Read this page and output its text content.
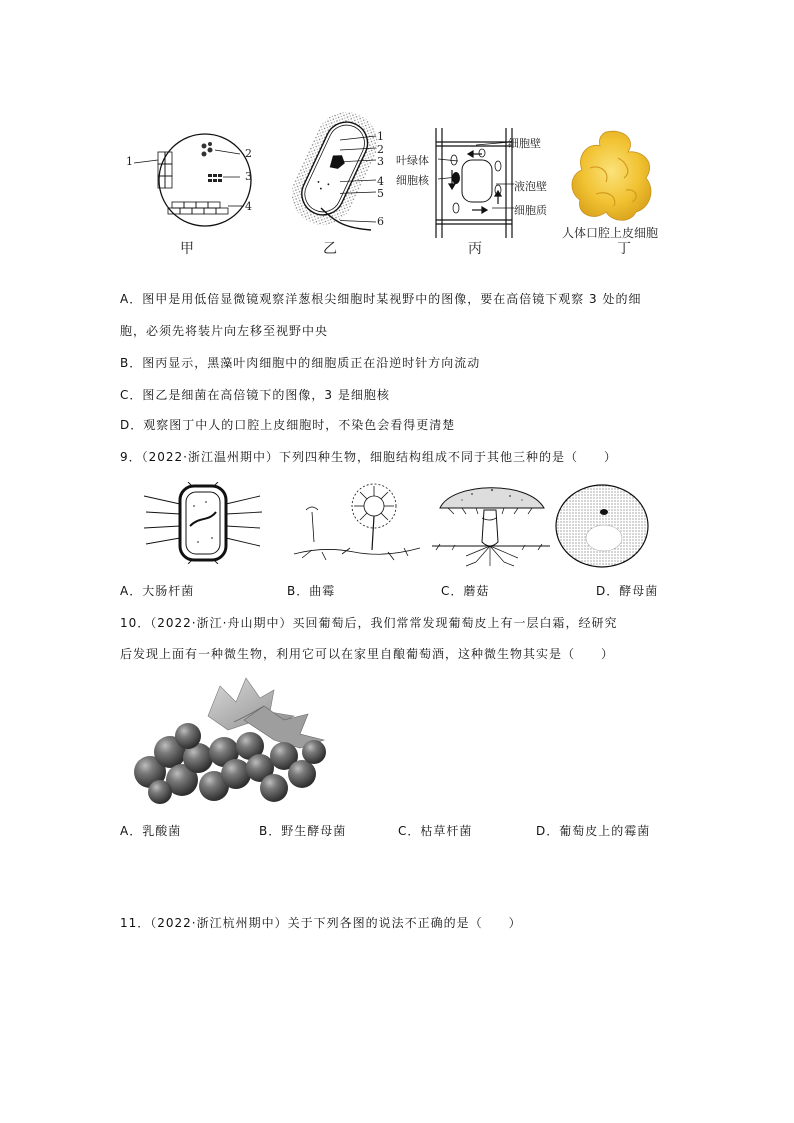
1
2
3
4
甲
1
2
3
4
5
6
乙
细胞壁
叶绿体
细胞核	液泡壁
细胞质
丙
人体口腔上皮细胞
丁
A．图甲是用低倍显微镜观察洋葱根尖细胞时某视野中的图像，要在高倍镜下观察 3 处的细
胞，必须先将装片向左移至视野中央
B．图丙显示，黑藻叶肉细胞中的细胞质正在沿逆时针方向流动
C．图乙是细菌在高倍镜下的图像，3 是细胞核
D．观察图丁中人的口腔上皮细胞时，不染色会看得更清楚
9．（2022·浙江温州期中）下列四种生物，细胞结构组成不同于其他三种的是（　　）
A．大肠杆菌	B．曲霉	C．蘑菇	D．酵母菌
10．（2022·浙江·舟山期中）买回葡萄后，我们常常发现葡萄皮上有一层白霜，经研究
后发现上面有一种微生物，利用它可以在家里自酿葡萄酒，这种微生物其实是（　　）
A．乳酸菌	B．野生酵母菌	C．枯草杆菌	D．葡萄皮上的霉菌
11．（2022·浙江杭州期中）关于下列各图的说法不正确的是（　　）
